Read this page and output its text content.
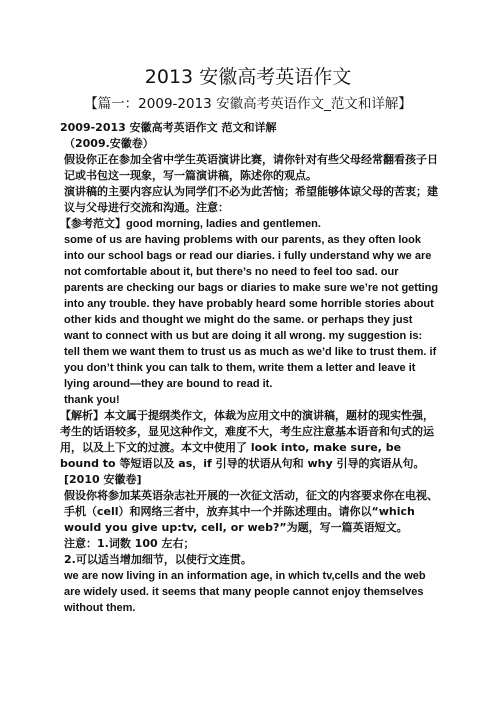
2013 安徽高考英语作文
【篇一：2009-2013 安徽高考英语作文_范文和详解】

2009-2013 安徽高考英语作文 范文和详解

（2009.安徽卷）

假设你正在参加全省中学生英语演讲比赛，请你针对有些父母经常翻看孩子日记或书包这一现象，写一篇演讲稿，陈述你的观点。

演讲稿的主要内容应认为同学们不必为此苦恼；希望能够体谅父母的苦衷；建议与父母进行交流和沟通。注意：

【参考范文】good morning, ladies and gentlemen.

some of us are having problems with our parents, as they often look into our school bags or read our diaries. i fully understand why we are not comfortable about it, but there’s no need to feel too sad. our parents are checking our bags or diaries to make sure we’re not getting into any trouble. they have probably heard some horrible stories about other kids and thought we might do the same. or perhaps they just want to connect with us but are doing it all wrong. my suggestion is: tell them we want them to trust us as much as we’d like to trust them. if you don’t think you can talk to them, write them a letter and leave it lying around—they are bound to read it.

thank you!

【解析】本文属于提纲类作文，体裁为应用文中的演讲稿，题材的现实性强，考生的话语较多，显见这种作文，难度不大，考生应注意基本语音和句式的运用，以及上下文的过渡。本文中使用了 look into, make sure, be bound to 等短语以及 as，if 引导的状语从句和 why 引导的宾语从句。

[2010 安徽卷]

假设你将参加某英语杂志社开展的一次征文活动，征文的内容要求你在电视、手机（cell）和网络三者中，放弃其中一个并陈述理由。请你以“which would you give up:tv, cell, or web?”为题，写一篇英语短文。

注意：1.词数 100 左右；

2.可以适当增加细节，以使行文连贯。

we are now living in an information age, in which tv,cells and the web are widely used. it seems that many people cannot enjoy themselves without them.
